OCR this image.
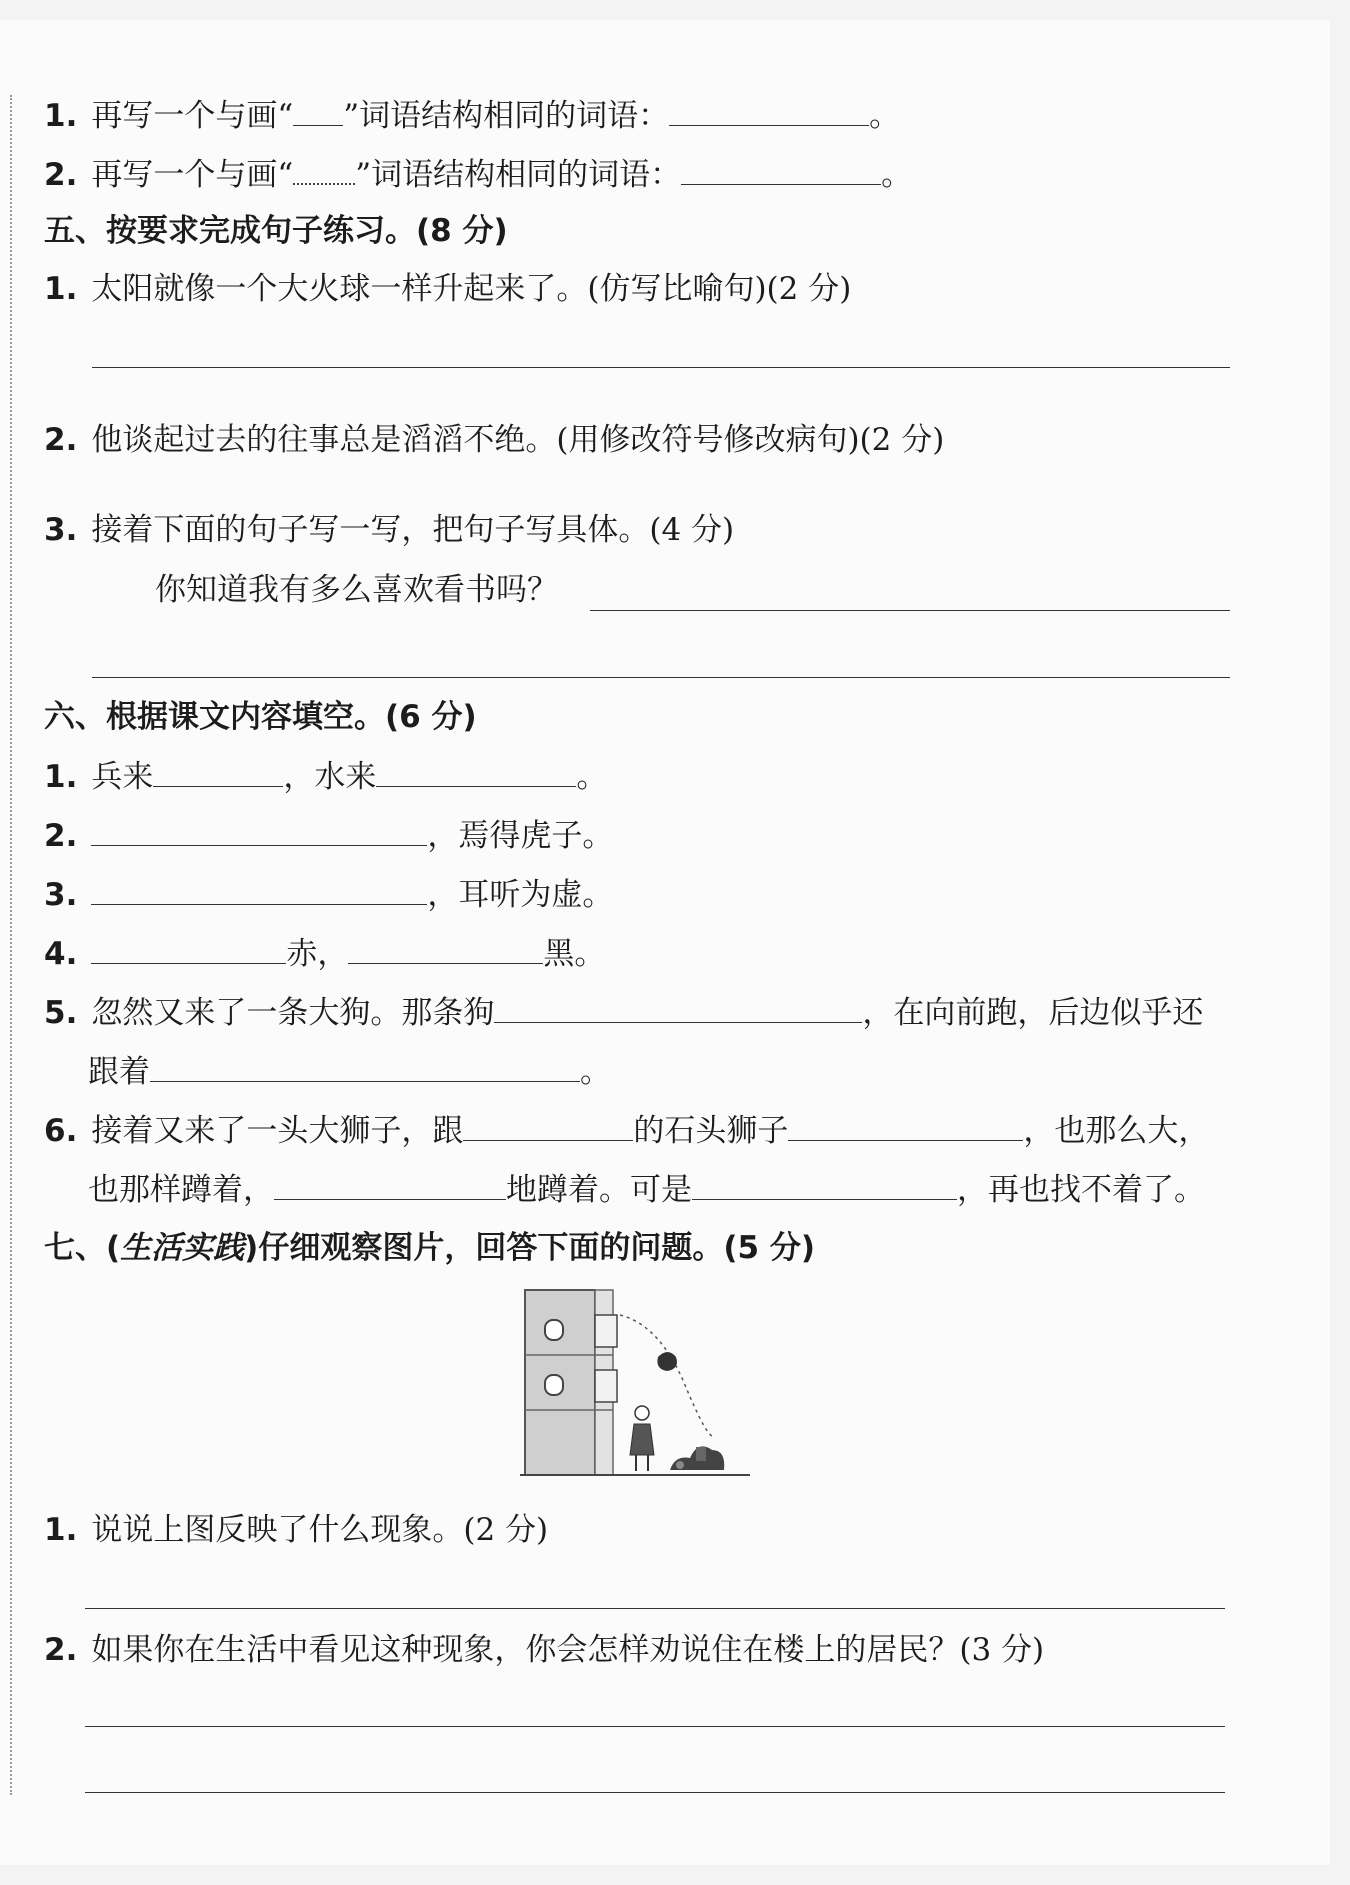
1. 再写一个与画“ ”词语结构相同的词语：	。
2. 再写一个与画“ ”词语结构相同的词语：	。
五、按要求完成句子练习。(8 分)
1. 太阳就像一个大火球一样升起来了。(仿写比喻句)(2 分)
2. 他谈起过去的往事总是滔滔不绝。(用修改符号修改病句)(2 分)
3. 接着下面的句子写一写，把句子写具体。(4 分)
你知道我有多么喜欢看书吗？
六、根据课文内容填空。(6 分)
1. 兵来	，水来	。
2.	，焉得虎子。
3.	，耳听为虚。
4.	赤，	黑。
5. 忽然又来了一条大狗。那条狗	，在向前跑，后边似乎还
跟着	。
6. 接着又来了一头大狮子，跟	的石头狮子	，也那么大，
也那样蹲着，	地蹲着。可是	，再也找不着了。
七、(生活实践)仔细观察图片，回答下面的问题。(5 分)
1. 说说上图反映了什么现象。(2 分)
2. 如果你在生活中看见这种现象，你会怎样劝说住在楼上的居民？(3 分)
